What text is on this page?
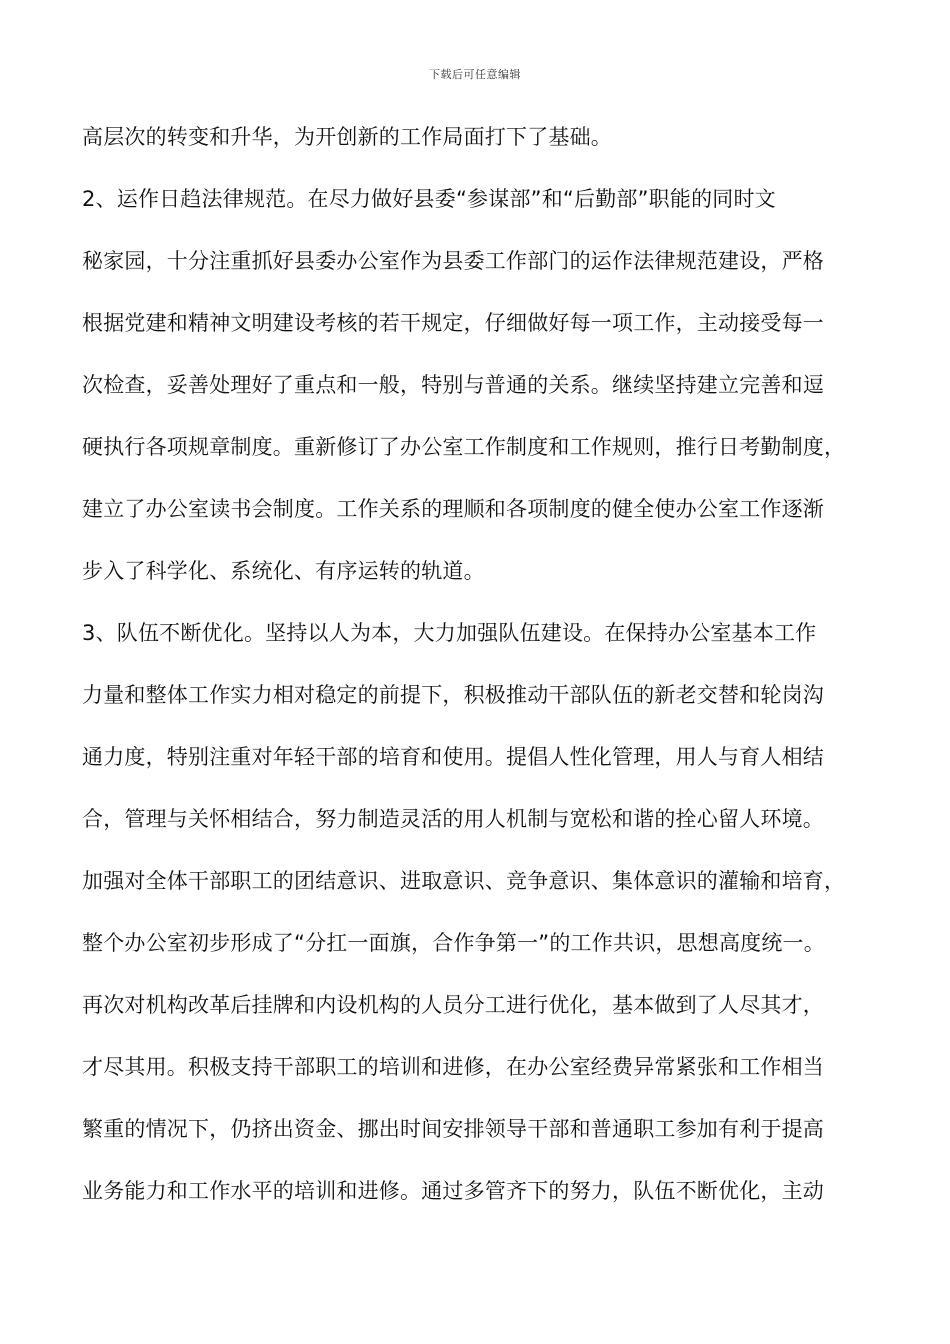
下载后可任意编辑
高层次的转变和升华，为开创新的工作局面打下了基础。
2、运作日趋法律规范。在尽力做好县委“参谋部”和“后勤部”职能的同时文
秘家园，十分注重抓好县委办公室作为县委工作部门的运作法律规范建设，严格
根据党建和精神文明建设考核的若干规定，仔细做好每一项工作，主动接受每一
次检查，妥善处理好了重点和一般，特别与普通的关系。继续坚持建立完善和逗
硬执行各项规章制度。重新修订了办公室工作制度和工作规则，推行日考勤制度，
建立了办公室读书会制度。工作关系的理顺和各项制度的健全使办公室工作逐渐
步入了科学化、系统化、有序运转的轨道。
3、队伍不断优化。坚持以人为本，大力加强队伍建设。在保持办公室基本工作
力量和整体工作实力相对稳定的前提下，积极推动干部队伍的新老交替和轮岗沟
通力度，特别注重对年轻干部的培育和使用。提倡人性化管理，用人与育人相结
合，管理与关怀相结合，努力制造灵活的用人机制与宽松和谐的拴心留人环境。
加强对全体干部职工的团结意识、进取意识、竞争意识、集体意识的灌输和培育，
整个办公室初步形成了“分扛一面旗，合作争第一”的工作共识，思想高度统一。
再次对机构改革后挂牌和内设机构的人员分工进行优化，基本做到了人尽其才，
才尽其用。积极支持干部职工的培训和进修，在办公室经费异常紧张和工作相当
繁重的情况下，仍挤出资金、挪出时间安排领导干部和普通职工参加有利于提高
业务能力和工作水平的培训和进修。通过多管齐下的努力，队伍不断优化，主动
